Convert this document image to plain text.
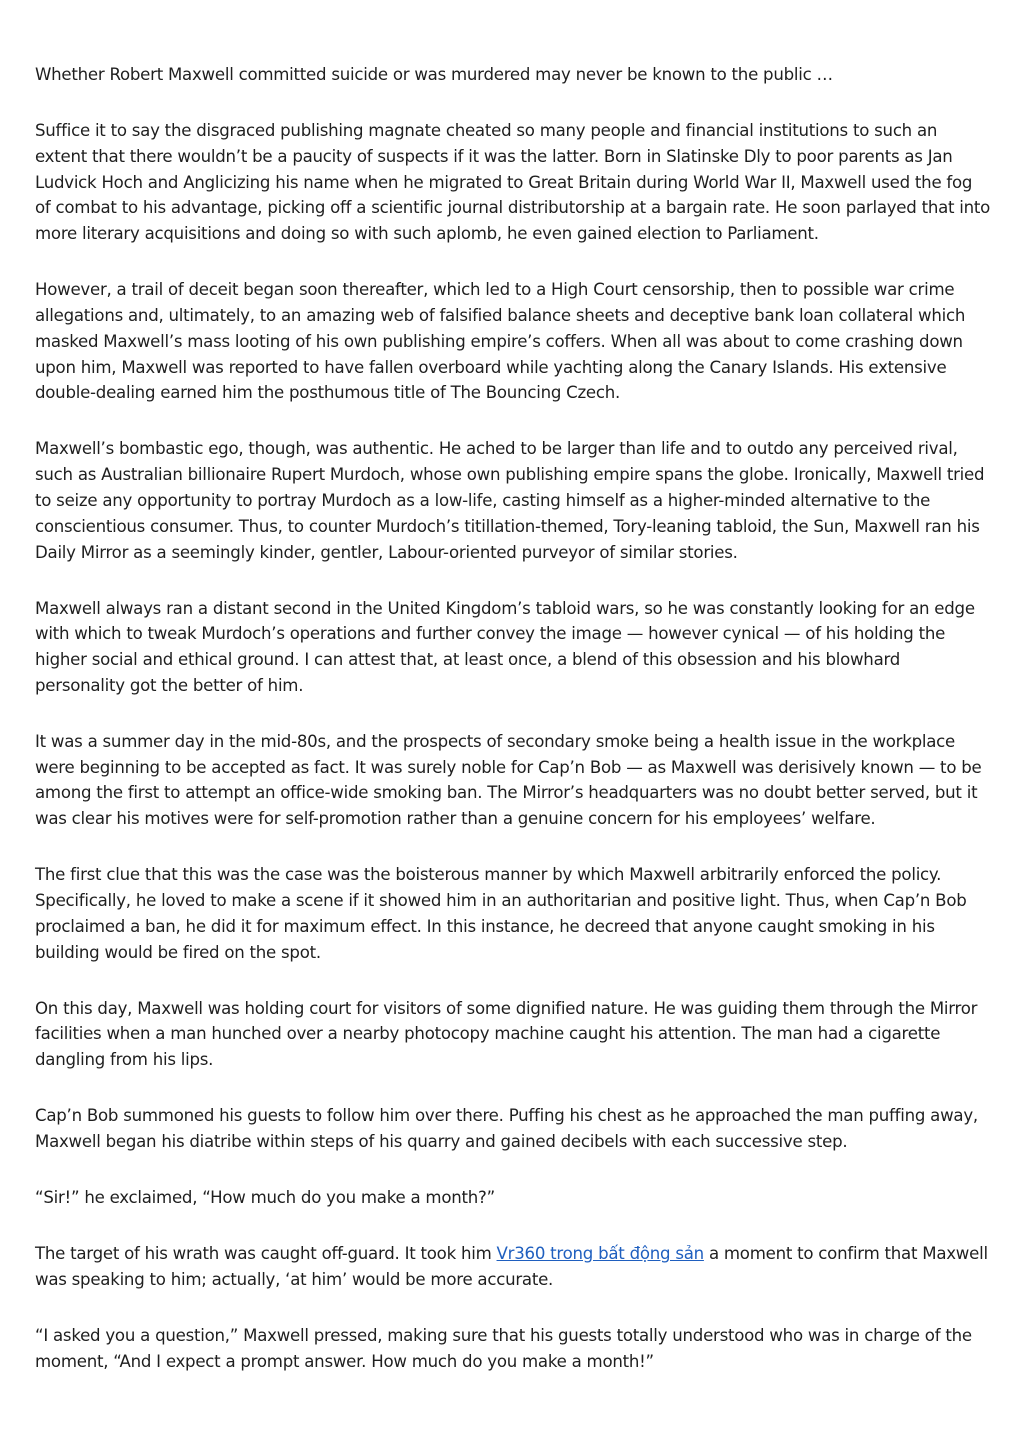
Whether Robert Maxwell committed suicide or was murdered may never be known to the public …

Suffice it to say the disgraced publishing magnate cheated so many people and financial institutions to such an extent that there wouldn’t be a paucity of suspects if it was the latter. Born in Slatinske Dly to poor parents as Jan Ludvick Hoch and Anglicizing his name when he migrated to Great Britain during World War II, Maxwell used the fog of combat to his advantage, picking off a scientific journal distributorship at a bargain rate. He soon parlayed that into more literary acquisitions and doing so with such aplomb, he even gained election to Parliament.

However, a trail of deceit began soon thereafter, which led to a High Court censorship, then to possible war crime allegations and, ultimately, to an amazing web of falsified balance sheets and deceptive bank loan collateral which masked Maxwell’s mass looting of his own publishing empire’s coffers. When all was about to come crashing down upon him, Maxwell was reported to have fallen overboard while yachting along the Canary Islands. His extensive double-dealing earned him the posthumous title of The Bouncing Czech.

Maxwell’s bombastic ego, though, was authentic. He ached to be larger than life and to outdo any perceived rival, such as Australian billionaire Rupert Murdoch, whose own publishing empire spans the globe. Ironically, Maxwell tried to seize any opportunity to portray Murdoch as a low-life, casting himself as a higher-minded alternative to the conscientious consumer. Thus, to counter Murdoch’s titillation-themed, Tory-leaning tabloid, the Sun, Maxwell ran his Daily Mirror as a seemingly kinder, gentler, Labour-oriented purveyor of similar stories.

Maxwell always ran a distant second in the United Kingdom’s tabloid wars, so he was constantly looking for an edge with which to tweak Murdoch’s operations and further convey the image — however cynical — of his holding the higher social and ethical ground. I can attest that, at least once, a blend of this obsession and his blowhard personality got the better of him.

It was a summer day in the mid-80s, and the prospects of secondary smoke being a health issue in the workplace were beginning to be accepted as fact. It was surely noble for Cap’n Bob — as Maxwell was derisively known — to be among the first to attempt an office-wide smoking ban. The Mirror’s headquarters was no doubt better served, but it was clear his motives were for self-promotion rather than a genuine concern for his employees’ welfare.

The first clue that this was the case was the boisterous manner by which Maxwell arbitrarily enforced the policy. Specifically, he loved to make a scene if it showed him in an authoritarian and positive light. Thus, when Cap’n Bob proclaimed a ban, he did it for maximum effect. In this instance, he decreed that anyone caught smoking in his building would be fired on the spot.

On this day, Maxwell was holding court for visitors of some dignified nature. He was guiding them through the Mirror facilities when a man hunched over a nearby photocopy machine caught his attention. The man had a cigarette dangling from his lips.

Cap’n Bob summoned his guests to follow him over there. Puffing his chest as he approached the man puffing away, Maxwell began his diatribe within steps of his quarry and gained decibels with each successive step.

“Sir!” he exclaimed, “How much do you make a month?”

The target of his wrath was caught off-guard. It took him Vr360 trong bất động sản a moment to confirm that Maxwell was speaking to him; actually, ‘at him’ would be more accurate.

“I asked you a question,” Maxwell pressed, making sure that his guests totally understood who was in charge of the moment, “And I expect a prompt answer. How much do you make a month!”
